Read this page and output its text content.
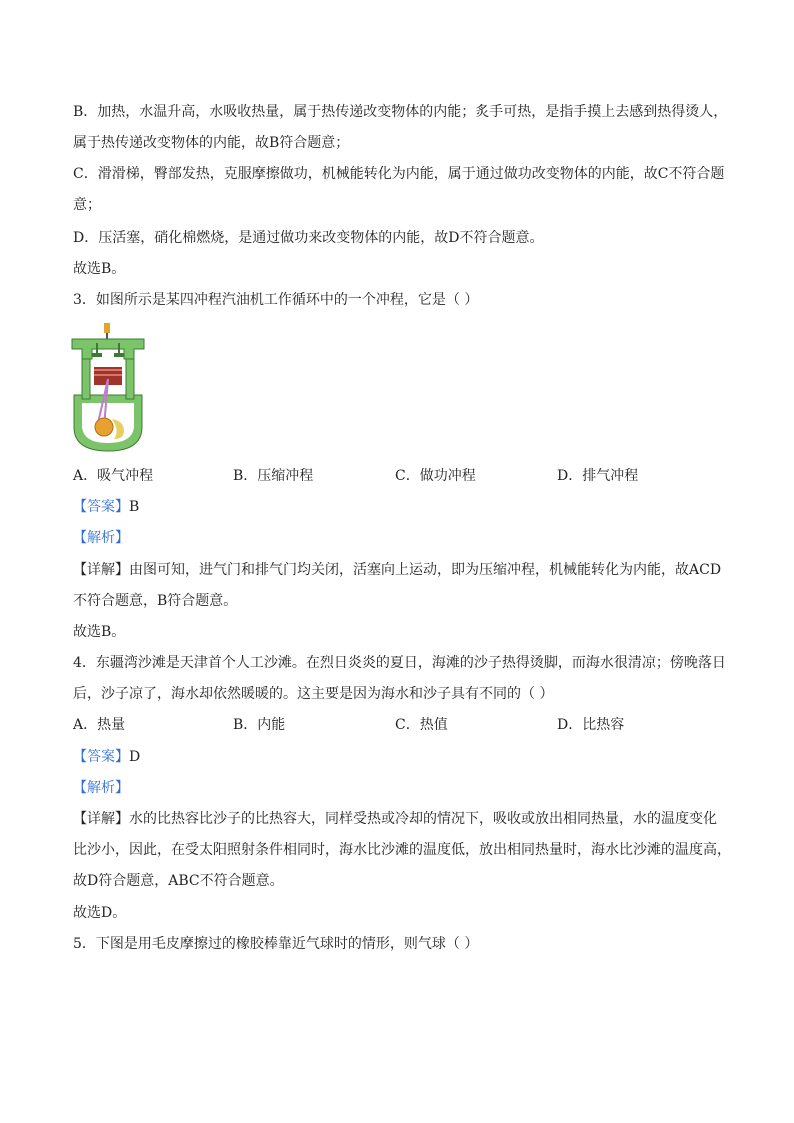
B．加热，水温升高，水吸收热量，属于热传递改变物体的内能；炙手可热，是指手摸上去感到热得烫人，
属于热传递改变物体的内能，故B符合题意；
C．滑滑梯，臀部发热，克服摩擦做功，机械能转化为内能，属于通过做功改变物体的内能，故C不符合题
意；
D．压活塞，硝化棉燃烧，是通过做功来改变物体的内能，故D不符合题意。
故选B。
3．如图所示是某四冲程汽油机工作循环中的一个冲程，它是（ ）
A．吸气冲程	B．压缩冲程	C．做功冲程	D．排气冲程
【答案】B
【解析】
【详解】由图可知，进气门和排气门均关闭，活塞向上运动，即为压缩冲程，机械能转化为内能，故ACD
不符合题意，B符合题意。
故选B。
4．东疆湾沙滩是天津首个人工沙滩。在烈日炎炎的夏日，海滩的沙子热得烫脚，而海水很清凉；傍晚落日
后，沙子凉了，海水却依然暖暖的。这主要是因为海水和沙子具有不同的（ ）
A．热量	B．内能	C．热值	D．比热容
【答案】D
【解析】
【详解】水的比热容比沙子的比热容大，同样受热或冷却的情况下，吸收或放出相同热量，水的温度变化
比沙小，因此，在受太阳照射条件相同时，海水比沙滩的温度低，放出相同热量时，海水比沙滩的温度高，
故D符合题意，ABC不符合题意。
故选D。
5．下图是用毛皮摩擦过的橡胶棒靠近气球时的情形，则气球（ ）
